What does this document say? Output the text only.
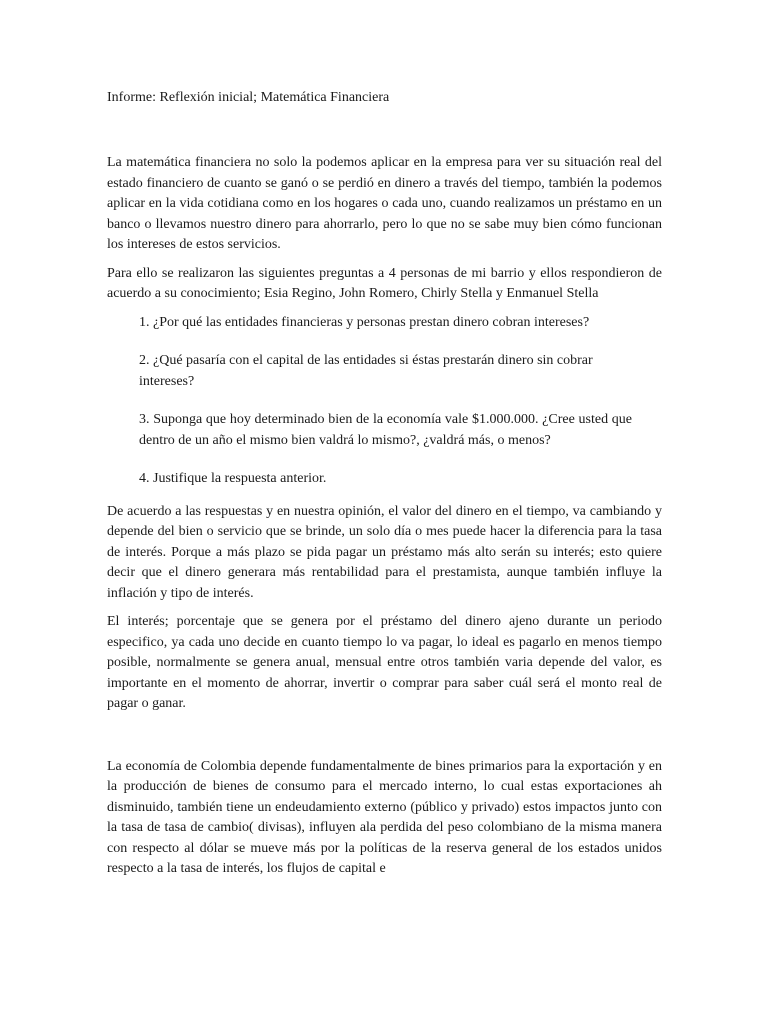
Informe: Reflexión inicial; Matemática Financiera

La matemática financiera no solo la podemos aplicar en la empresa para ver su situación real del estado financiero de cuanto se ganó o se perdió en dinero a través del tiempo, también la podemos aplicar en la vida cotidiana como en los hogares o cada uno, cuando realizamos un préstamo en un banco o llevamos nuestro dinero para ahorrarlo, pero lo que no se sabe muy bien cómo funcionan los intereses de estos servicios.

Para ello se realizaron las siguientes preguntas a 4 personas de mi barrio y ellos respondieron de acuerdo a su conocimiento; Esia Regino, John Romero, Chirly Stella y Enmanuel Stella

1. ¿Por qué las entidades financieras y personas prestan dinero cobran intereses?
2. ¿Qué pasaría con el capital de las entidades si éstas prestarán dinero sin cobrar intereses?
3. Suponga que hoy determinado bien de la economía vale $1.000.000. ¿Cree usted que dentro de un año el mismo bien valdrá lo mismo?, ¿valdrá más, o menos?
4. Justifique la respuesta anterior.

De acuerdo a las respuestas y en nuestra opinión, el valor del dinero en el tiempo, va cambiando y depende del bien o servicio que se brinde, un solo día o mes puede hacer la diferencia para la tasa de interés. Porque a más plazo se pida pagar un préstamo más alto serán su interés; esto quiere decir que el dinero generara más rentabilidad para el prestamista, aunque también influye la inflación y tipo de interés.

El interés; porcentaje que se genera por el préstamo del dinero ajeno durante un periodo especifico, ya cada uno decide en cuanto tiempo lo va pagar, lo ideal es pagarlo en menos tiempo posible, normalmente se genera anual, mensual entre otros también varia depende del valor, es importante en el momento de ahorrar, invertir o comprar para saber cuál será el monto real de pagar o ganar.

La economía de Colombia depende fundamentalmente de bines primarios para la exportación y en la producción de bienes de consumo para el mercado interno, lo cual estas exportaciones ah disminuido, también tiene un endeudamiento externo (público y privado) estos impactos junto con la tasa de tasa de cambio( divisas), influyen ala perdida del peso colombiano de la misma manera con respecto al dólar se mueve más por la políticas de la reserva general de los estados unidos respecto a la tasa de interés, los flujos de capital e
